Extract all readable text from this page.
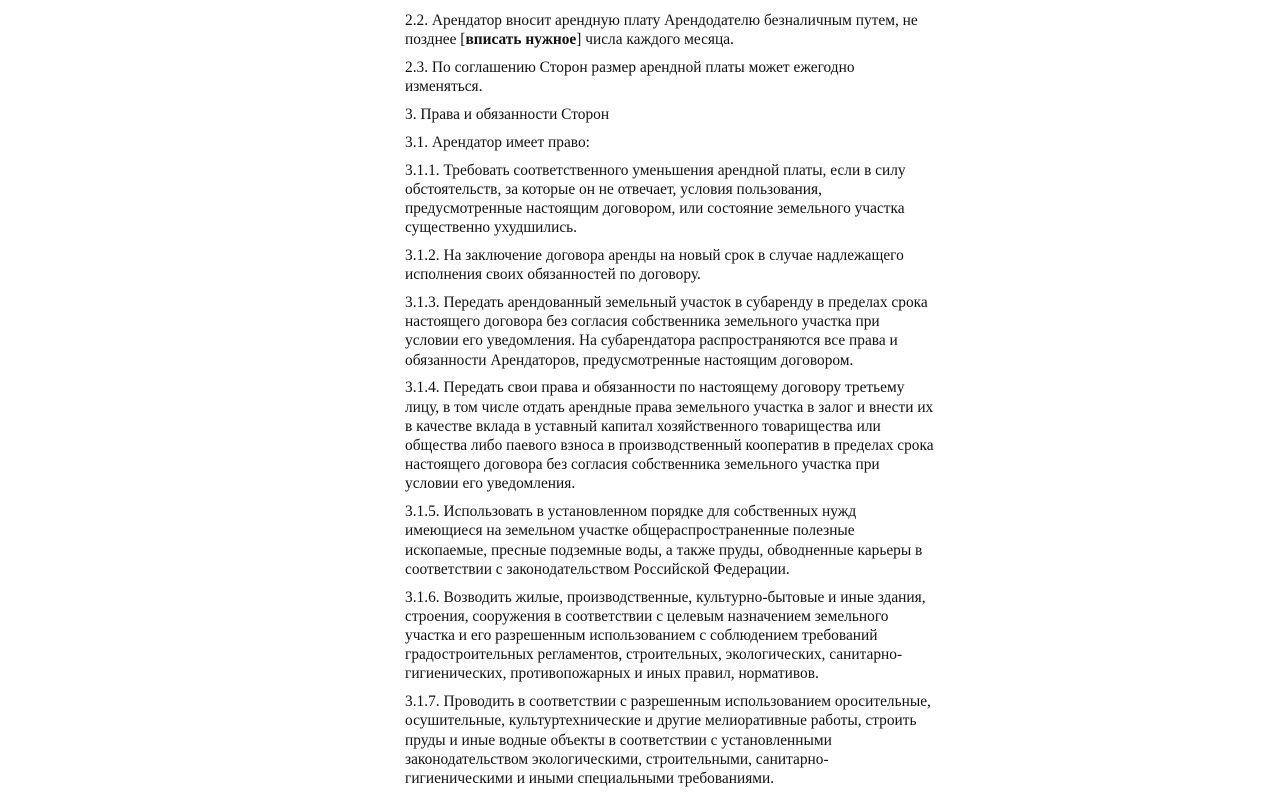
2.2. Арендатор вносит арендную плату Арендодателю безналичным путем, не позднее [вписать нужное] числа каждого месяца.

2.3. По соглашению Сторон размер арендной платы может ежегодно изменяться.

3. Права и обязанности Сторон

3.1. Арендатор имеет право:

3.1.1. Требовать соответственного уменьшения арендной платы, если в силу обстоятельств, за которые он не отвечает, условия пользования, предусмотренные настоящим договором, или состояние земельного участка существенно ухудшились.

3.1.2. На заключение договора аренды на новый срок в случае надлежащего исполнения своих обязанностей по договору.

3.1.3. Передать арендованный земельный участок в субаренду в пределах срока настоящего договора без согласия собственника земельного участка при условии его уведомления. На субарендатора распространяются все права и обязанности Арендаторов, предусмотренные настоящим договором.

3.1.4. Передать свои права и обязанности по настоящему договору третьему лицу, в том числе отдать арендные права земельного участка в залог и внести их в качестве вклада в уставный капитал хозяйственного товарищества или общества либо паевого взноса в производственный кооператив в пределах срока настоящего договора без согласия собственника земельного участка при условии его уведомления.

3.1.5. Использовать в установленном порядке для собственных нужд имеющиеся на земельном участке общераспространенные полезные ископаемые, пресные подземные воды, а также пруды, обводненные карьеры в соответствии с законодательством Российской Федерации.

3.1.6. Возводить жилые, производственные, культурно-бытовые и иные здания, строения, сооружения в соответствии с целевым назначением земельного участка и его разрешенным использованием с соблюдением требований градостроительных регламентов, строительных, экологических, санитарно-гигиенических, противопожарных и иных правил, нормативов.

3.1.7. Проводить в соответствии с разрешенным использованием оросительные, осушительные, культуртехнические и другие мелиоративные работы, строить пруды и иные водные объекты в соответствии с установленными законодательством экологическими, строительными, санитарно-гигиеническими и иными специальными требованиями.
